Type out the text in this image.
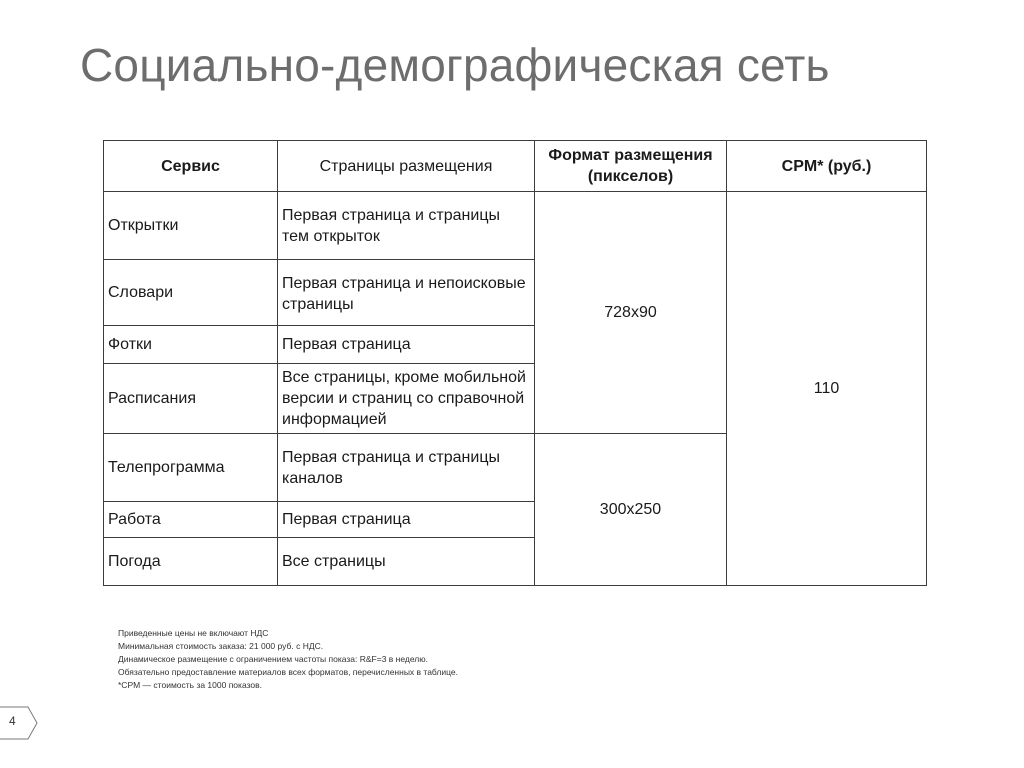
Социально-демографическая сеть
Сервис	Страницы размещения	Формат размещения (пикселов)	CPM* (руб.)
Открытки	Первая страница и страницы тем открыток	728x90	110
Словари	Первая страница и непоисковые страницы		
Фотки	Первая страница		
Расписания	Все страницы, кроме мобильной версии и страниц со справочной информацией		
Телепрограмма	Первая страница и страницы каналов	300x250	
Работа	Первая страница		
Погода	Все страницы		
Приведенные цены не включают НДС
Минимальная стоимость заказа: 21 000 руб. с НДС.
Динамическое размещение с ограничением частоты показа: R&F=3 в неделю.
Обязательно предоставление материалов всех форматов, перечисленных в таблице.
*CPM — стоимость за 1000 показов.
4
